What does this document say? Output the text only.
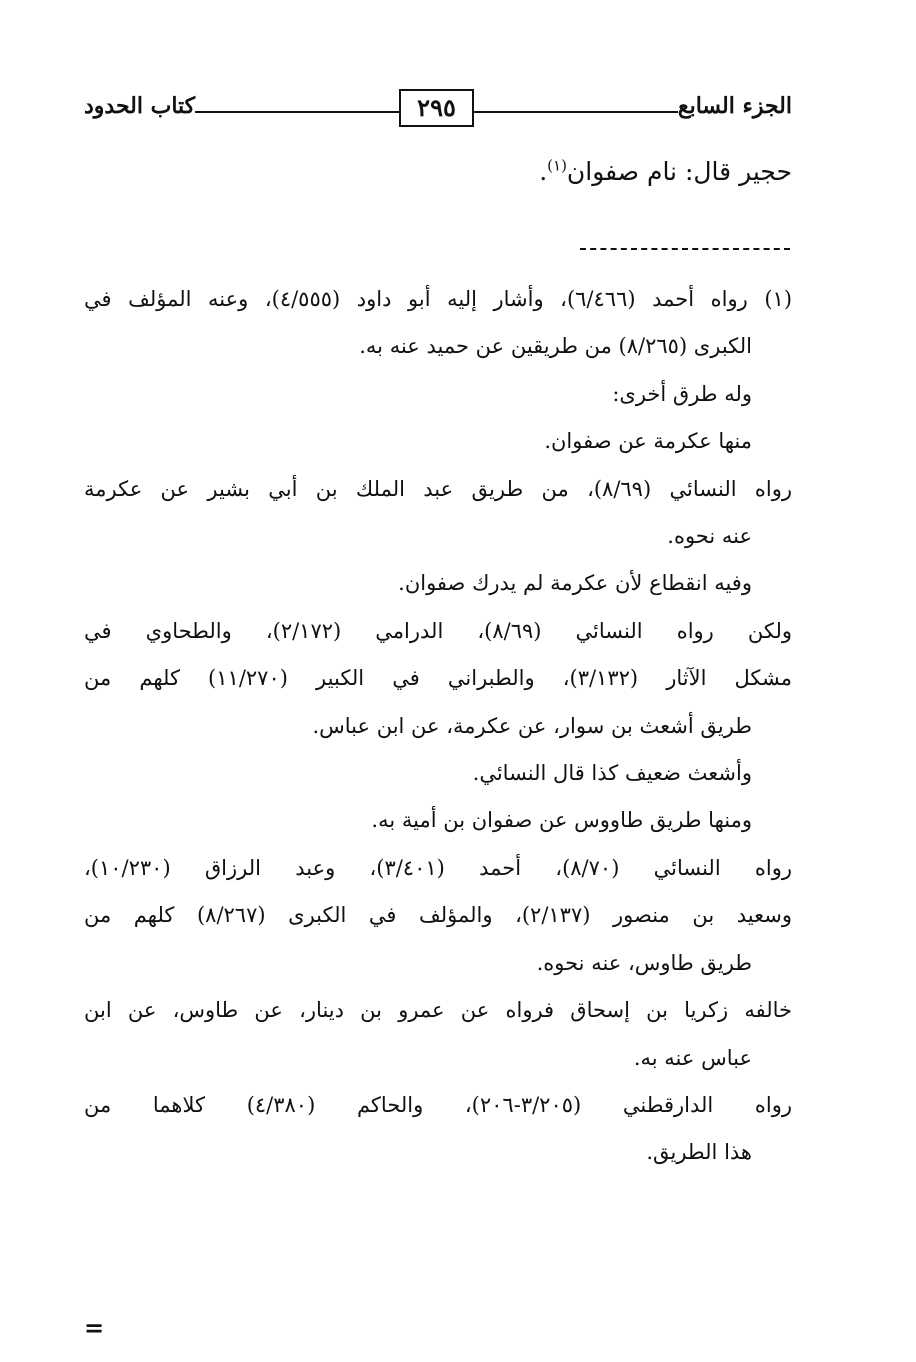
الجزء السابع
٢٩٥
كتاب الحدود
حجير قال: نام صفوان$^{(١)}$.

(١) رواه أحمد (٦/٤٦٦)، وأشار إليه أبو داود (٤/٥٥٥)، وعنه المؤلف في

الكبرى (٨/٢٦٥) من طريقين عن حميد عنه به.

وله طرق أخرى:

منها عكرمة عن صفوان.

رواه النسائي (٨/٦٩)، من طريق عبد الملك بن أبي بشير عن عكرمة

عنه نحوه.

وفيه انقطاع لأن عكرمة لم يدرك صفوان.

ولكن رواه النسائي (٨/٦٩)، الدرامي (٢/١٧٢)، والطحاوي في

مشكل الآثار (٣/١٣٢)، والطبراني في الكبير (١١/٢٧٠) كلهم من

طريق أشعث بن سوار، عن عكرمة، عن ابن عباس.

وأشعث ضعيف كذا قال النسائي.

ومنها طريق طاووس عن صفوان بن أمية به.

رواه النسائي (٨/٧٠)، أحمد (٣/٤٠١)، وعبد الرزاق (١٠/٢٣٠)،

وسعيد بن منصور (٢/١٣٧)، والمؤلف في الكبرى (٨/٢٦٧) كلهم من

طريق طاوس، عنه نحوه.

خالفه زكريا بن إسحاق فرواه عن عمرو بن دينار، عن طاوس، عن ابن

عباس عنه به.

رواه الدارقطني (٣/٢٠٥-٢٠٦)، والحاكم (٤/٣٨٠) كلاهما من

هذا الطريق.

=
